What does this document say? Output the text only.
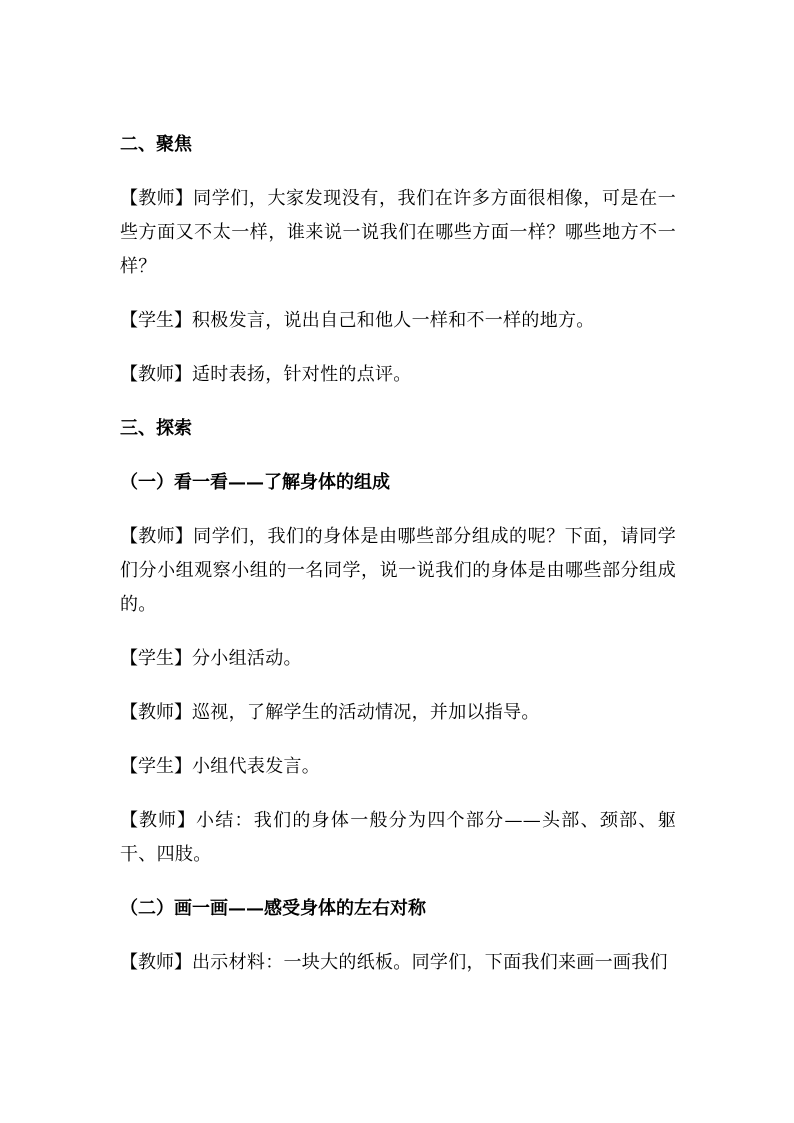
二、聚焦
【教师】同学们，大家发现没有，我们在许多方面很相像，可是在一些方面又不太一样，谁来说一说我们在哪些方面一样？哪些地方不一样？
【学生】积极发言，说出自己和他人一样和不一样的地方。
【教师】适时表扬，针对性的点评。
三、探索
（一）看一看——了解身体的组成
【教师】同学们，我们的身体是由哪些部分组成的呢？下面，请同学们分小组观察小组的一名同学，说一说我们的身体是由哪些部分组成的。
【学生】分小组活动。
【教师】巡视，了解学生的活动情况，并加以指导。
【学生】小组代表发言。
【教师】小结：我们的身体一般分为四个部分——头部、颈部、躯干、四肢。
（二）画一画——感受身体的左右对称
【教师】出示材料：一块大的纸板。同学们，下面我们来画一画我们
